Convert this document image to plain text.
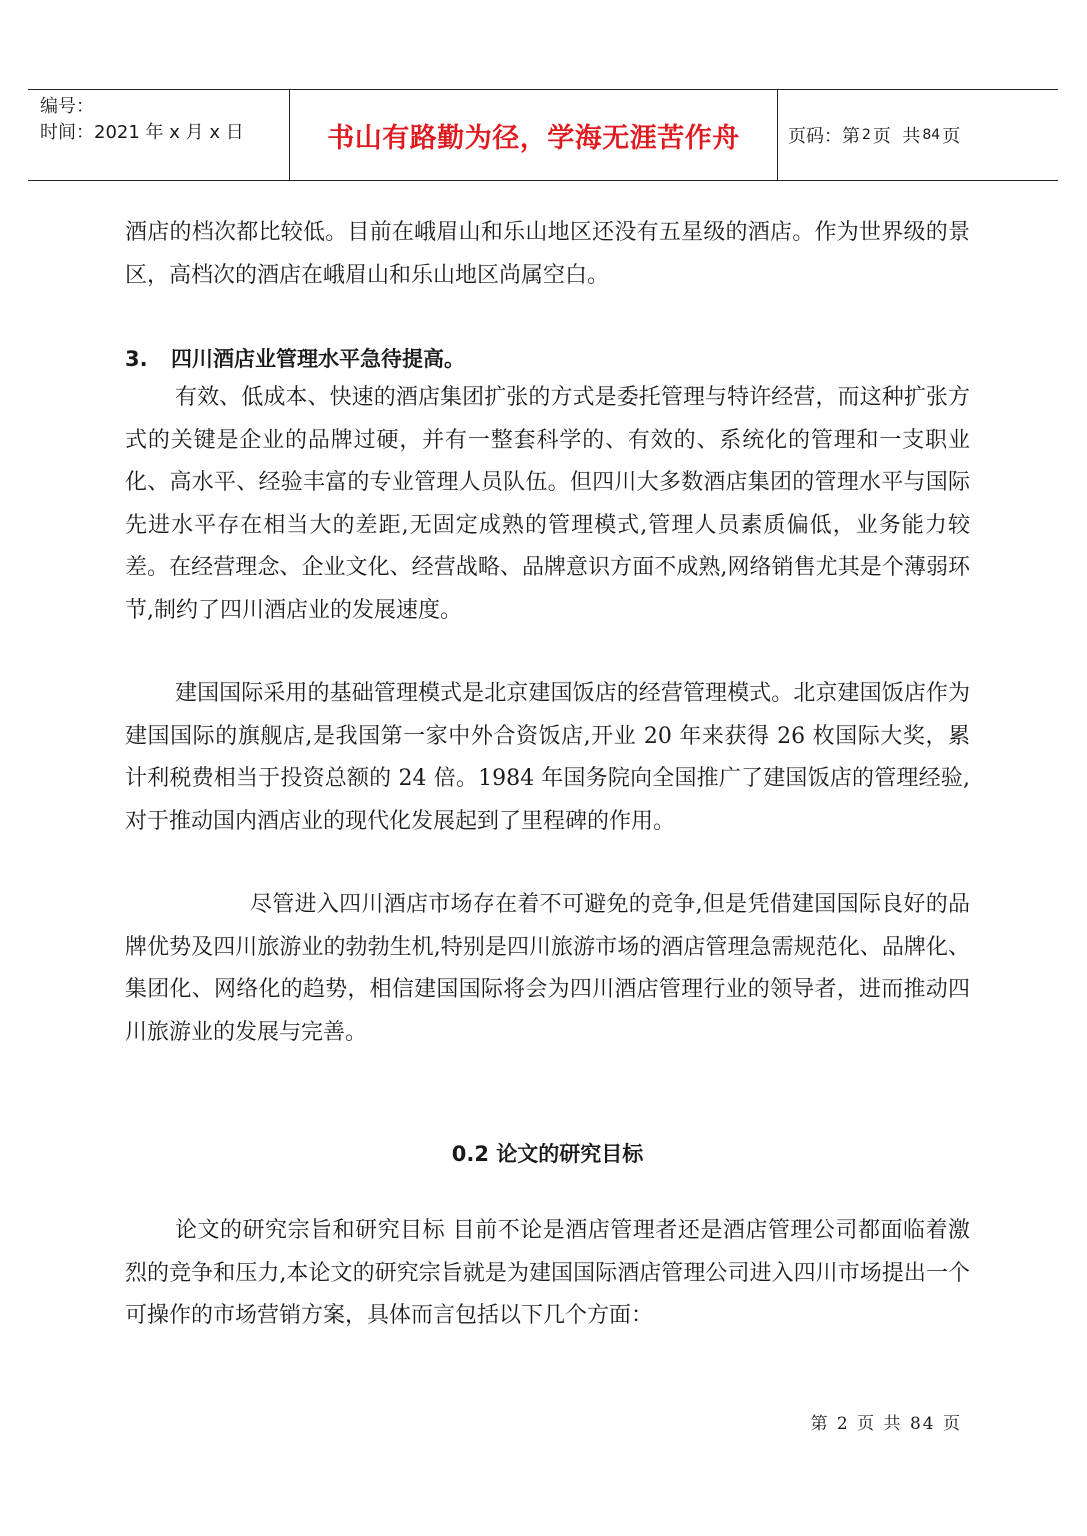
编号：
时间：2021 年 x 月 x 日	书山有路勤为径，学海无涯苦作舟	页码：第 2 页  共 84 页

酒店的档次都比较低。目前在峨眉山和乐山地区还没有五星级的酒店。作为世界级的景区，高档次的酒店在峨眉山和乐山地区尚属空白。

3. 四川酒店业管理水平急待提高。

有效、低成本、快速的酒店集团扩张的方式是委托管理与特许经营，而这种扩张方式的关键是企业的品牌过硬，并有一整套科学的、有效的、系统化的管理和一支职业化、高水平、经验丰富的专业管理人员队伍。但四川大多数酒店集团的管理水平与国际先进水平存在相当大的差距,无固定成熟的管理模式,管理人员素质偏低，业务能力较差。在经营理念、企业文化、经营战略、品牌意识方面不成熟,网络销售尤其是个薄弱环节,制约了四川酒店业的发展速度。

建国国际采用的基础管理模式是北京建国饭店的经营管理模式。北京建国饭店作为建国国际的旗舰店,是我国第一家中外合资饭店,开业 20 年来获得 26 枚国际大奖，累计利税费相当于投资总额的 24 倍。1984 年国务院向全国推广了建国饭店的管理经验,对于推动国内酒店业的现代化发展起到了里程碑的作用。

尽管进入四川酒店市场存在着不可避免的竞争,但是凭借建国国际良好的品牌优势及四川旅游业的勃勃生机,特别是四川旅游市场的酒店管理急需规范化、品牌化、集团化、网络化的趋势，相信建国国际将会为四川酒店管理行业的领导者，进而推动四川旅游业的发展与完善。

0.2 论文的研究目标

论文的研究宗旨和研究目标 目前不论是酒店管理者还是酒店管理公司都面临着激烈的竞争和压力,本论文的研究宗旨就是为建国国际酒店管理公司进入四川市场提出一个可操作的市场营销方案，具体而言包括以下几个方面：

第 2 页 共 84 页
